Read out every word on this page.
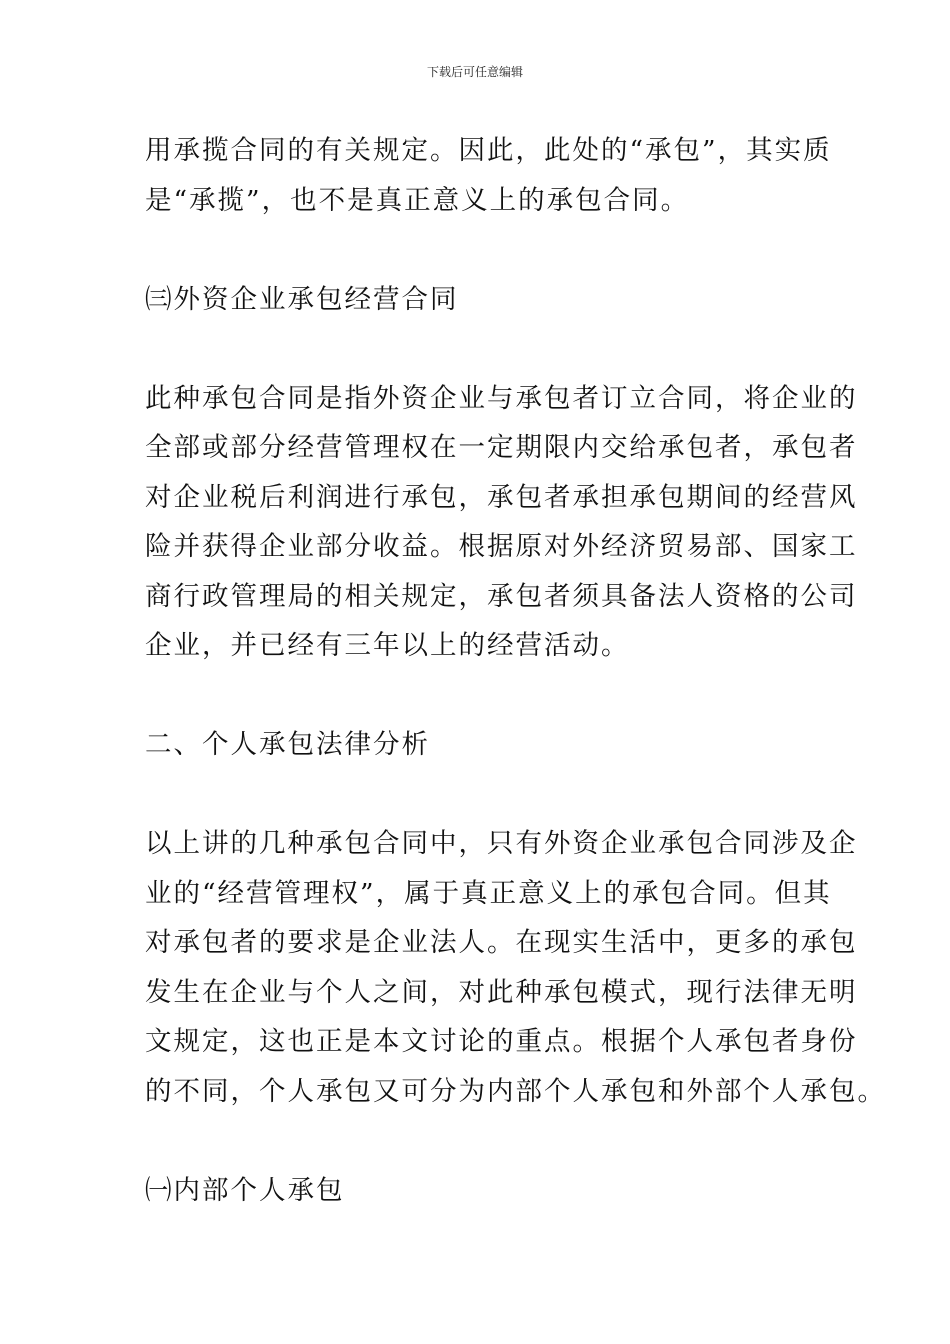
下载后可任意编辑
用承揽合同的有关规定。因此，此处的“承包”，其实质
是“承揽”，也不是真正意义上的承包合同。
㈢外资企业承包经营合同
此种承包合同是指外资企业与承包者订立合同，将企业的
全部或部分经营管理权在一定期限内交给承包者，承包者
对企业税后利润进行承包，承包者承担承包期间的经营风
险并获得企业部分收益。根据原对外经济贸易部、国家工
商行政管理局的相关规定，承包者须具备法人资格的公司
企业，并已经有三年以上的经营活动。
二、个人承包法律分析
以上讲的几种承包合同中，只有外资企业承包合同涉及企
业的“经营管理权”，属于真正意义上的承包合同。但其
对承包者的要求是企业法人。在现实生活中，更多的承包
发生在企业与个人之间，对此种承包模式，现行法律无明
文规定，这也正是本文讨论的重点。根据个人承包者身份
的不同，个人承包又可分为内部个人承包和外部个人承包。
㈠内部个人承包
